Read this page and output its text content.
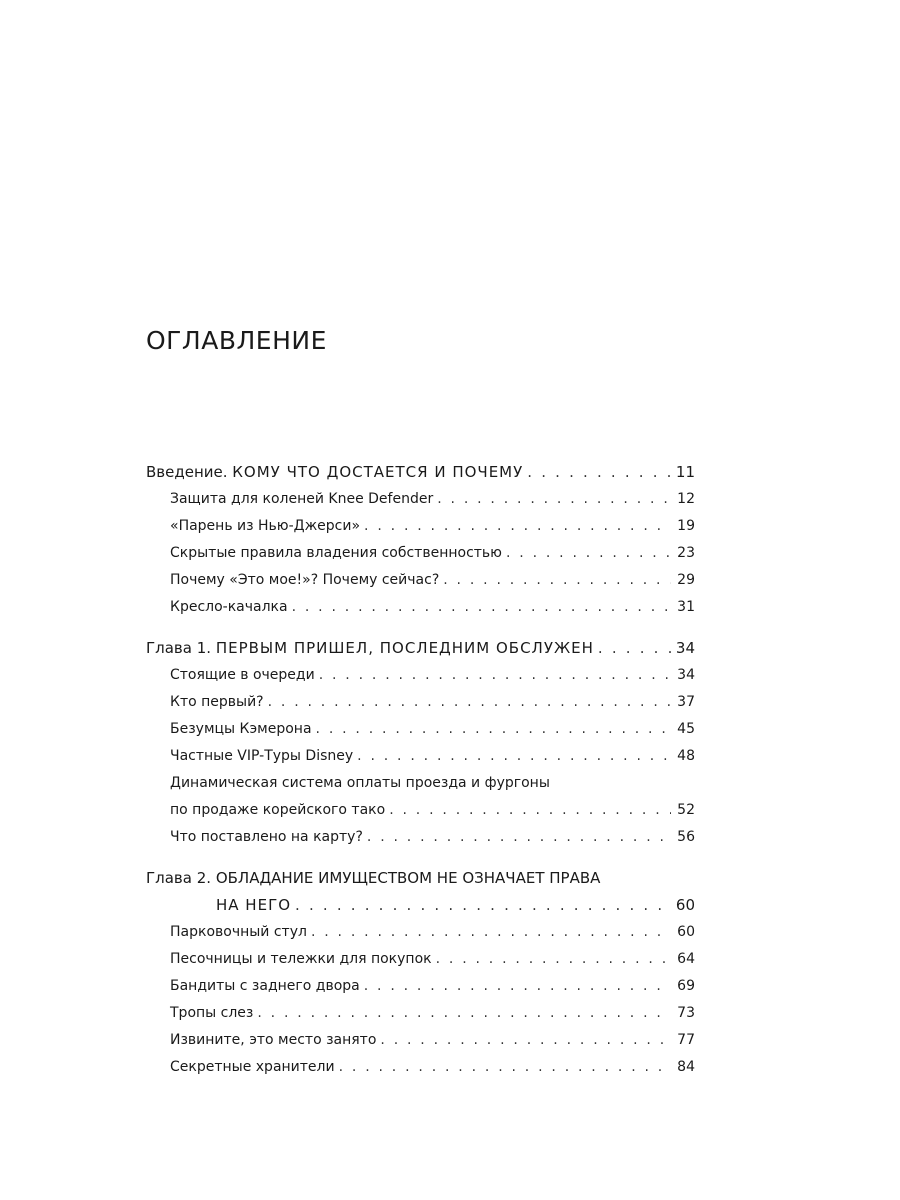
ОГЛАВЛЕНИЕ
Введение. КОМУ ЧТО ДОСТАЕТСЯ И ПОЧЕМУ . . .	11
Защита для коленей Knee Defender . . .	12
«Парень из Нью-Джерси» . . .	19
Скрытые правила владения собственностью . . .	23
Почему «Это мое!»? Почему сейчас? . . .	29
Кресло-качалка . . .	31
Глава 1. ПЕРВЫМ ПРИШЕЛ, ПОСЛЕДНИМ ОБСЛУЖЕН . . .	34
Стоящие в очереди . . .	34
Кто первый? . . .	37
Безумцы Кэмерона . . .	45
Частные VIP-Туры Disney . . .	48
Динамическая система оплаты проезда и фургоны
по продаже корейского тако . . .	52
Что поставлено на карту? . . .	56
Глава 2. ОБЛАДАНИЕ ИМУЩЕСТВОМ НЕ ОЗНАЧАЕТ ПРАВА
НА НЕГО . . .	60
Парковочный стул . . .	60
Песочницы и тележки для покупок . . .	64
Бандиты с заднего двора . . .	69
Тропы слез . . .	73
Извините, это место занято . . .	77
Секретные хранители . . .	84
